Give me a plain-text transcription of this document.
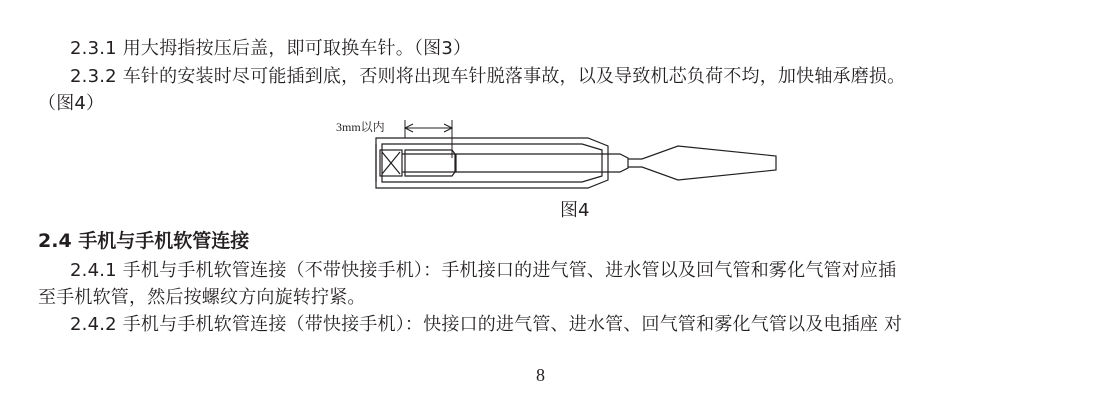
2.3.1 用大拇指按压后盖，即可取换车针。（图3）
2.3.2 车针的安装时尽可能插到底，否则将出现车针脱落事故，以及导致机芯负荷不均，加快轴承磨损。
（图4）
3mm以内
图4
2.4 手机与手机软管连接
2.4.1 手机与手机软管连接（不带快接手机）：手机接口的进气管、进水管以及回气管和雾化气管对应插
至手机软管，然后按螺纹方向旋转拧紧。
2.4.2 手机与手机软管连接（带快接手机）：快接口的进气管、进水管、回气管和雾化气管以及电插座 对
8
